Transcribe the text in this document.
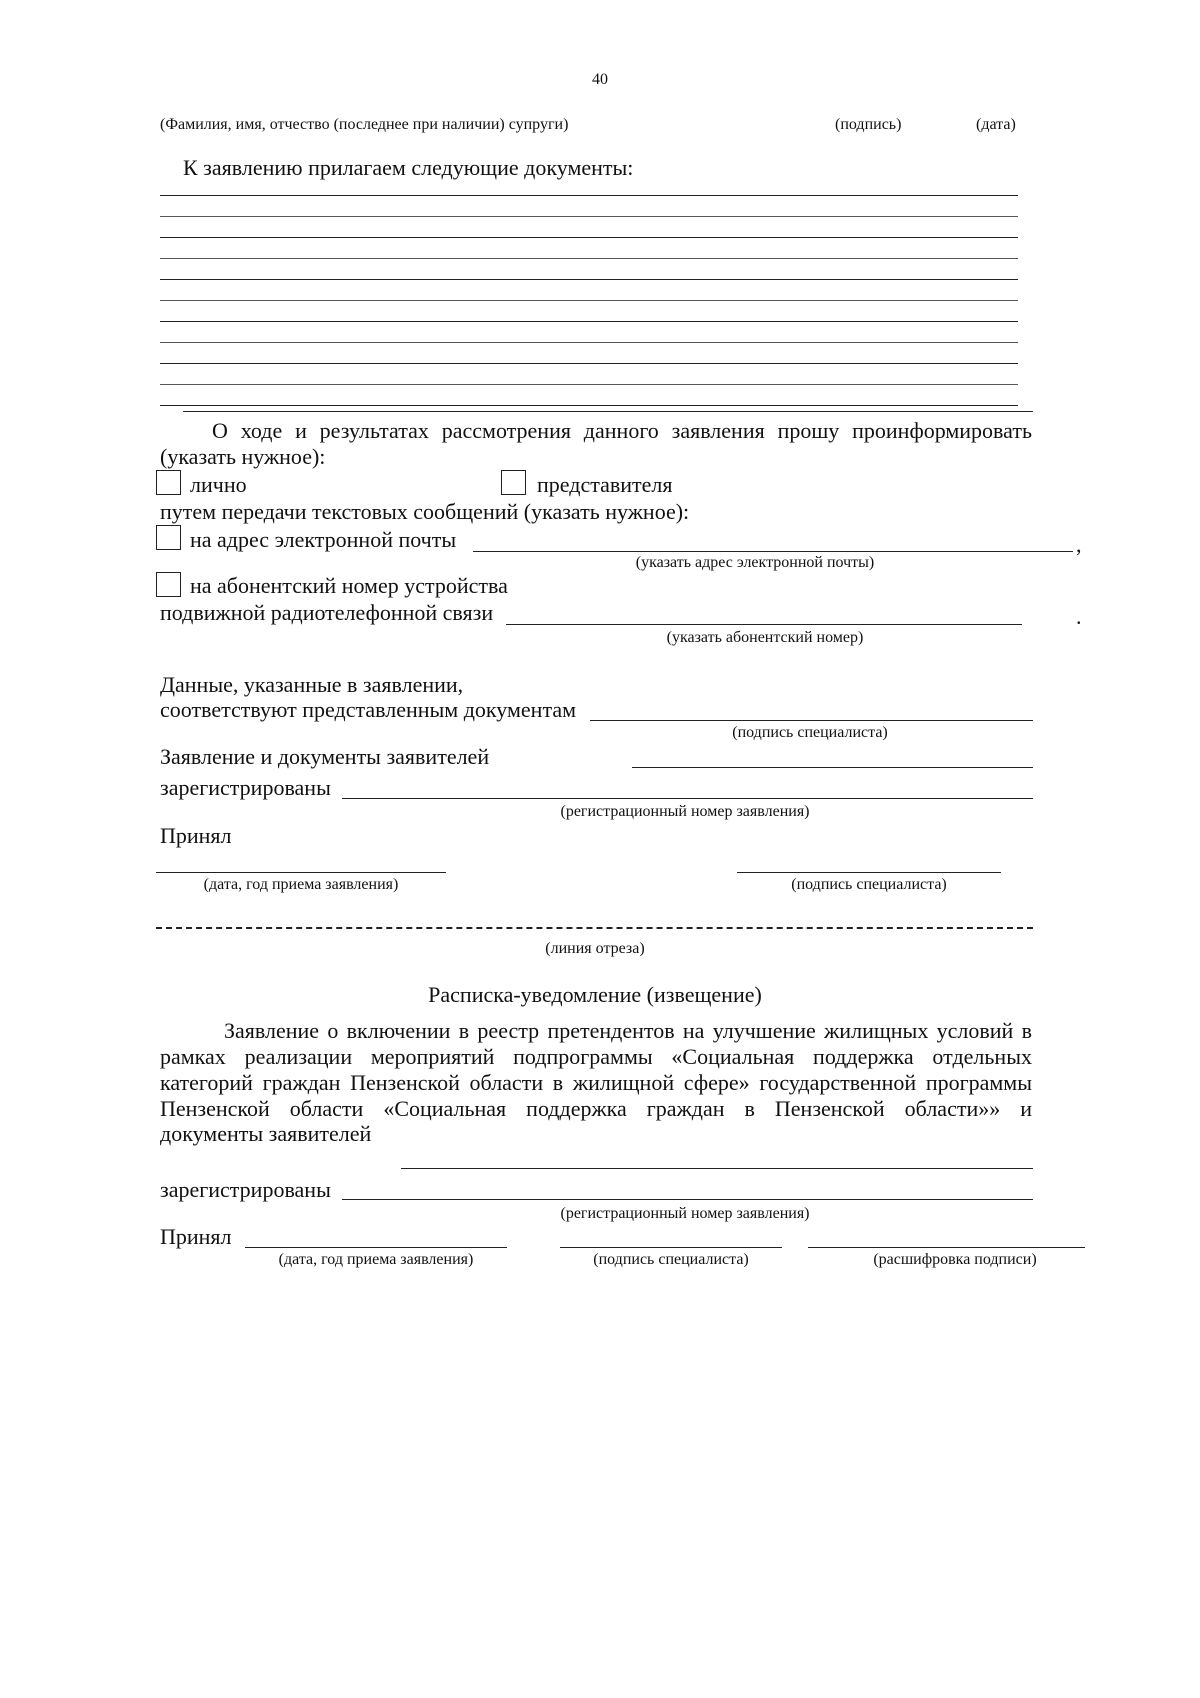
40
(Фамилия, имя, отчество (последнее при наличии) супруги)	(подпись)	(дата)
К заявлению прилагаем следующие документы:
О ходе и результатах рассмотрения данного заявления прошу проинформировать
(указать нужное):
лично	представителя
путем передачи текстовых сообщений (указать нужное):
на адрес электронной почты	,
(указать адрес электронной почты)
на абонентский номер устройства
подвижной радиотелефонной связи	.
(указать абонентский номер)
Данные, указанные в заявлении,
соответствуют представленным документам
(подпись специалиста)
Заявление и документы заявителей
зарегистрированы
(регистрационный номер заявления)
Принял
(дата, год приема заявления)	(подпись специалиста)
(линия отреза)
Расписка-уведомление (извещение)
Заявление о включении в реестр претендентов на улучшение жилищных условий в
рамках реализации мероприятий подпрограммы «Социальная поддержка отдельных
категорий граждан Пензенской области в жилищной сфере» государственной программы
Пензенской области «Социальная поддержка граждан в Пензенской области»» и
документы заявителей
зарегистрированы
(регистрационный номер заявления)
Принял
(дата, год приема заявления)	(подпись специалиста)	(расшифровка подписи)
